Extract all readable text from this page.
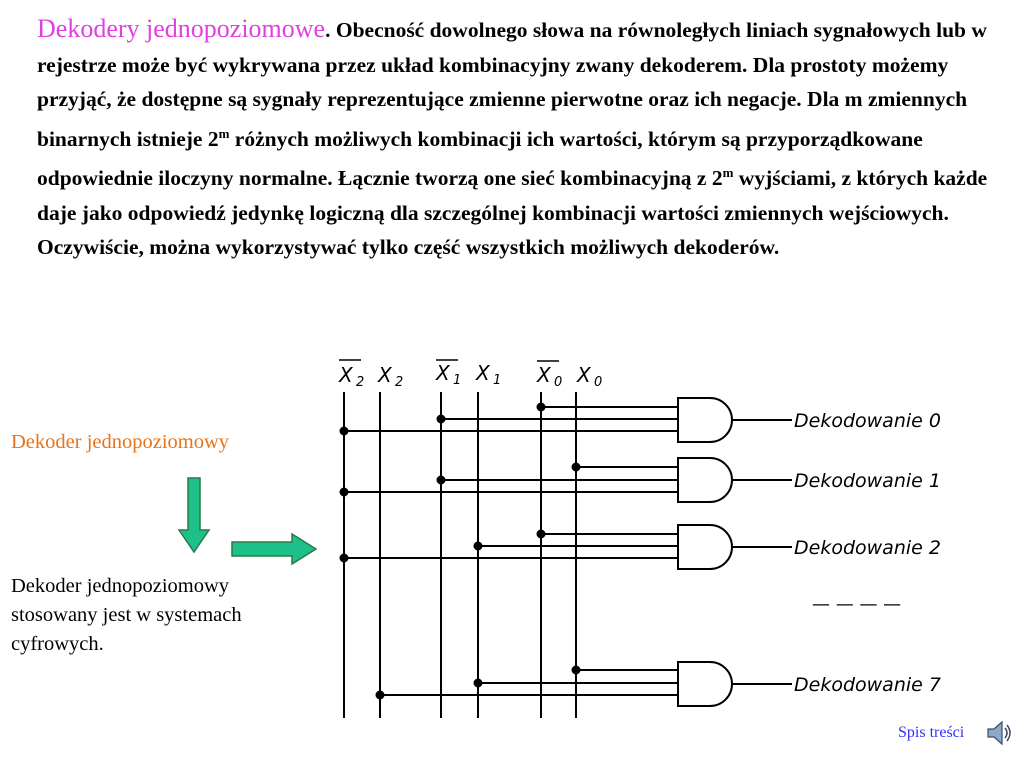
Dekodery jednopoziomowe. Obecność dowolnego słowa na równoległych liniach sygnałowych lub w rejestrze może być wykrywana przez układ kombinacyjny zwany dekoderem. Dla prostoty możemy przyjąć, że dostępne są sygnały reprezentujące zmienne pierwotne oraz ich negacje. Dla m zmiennych binarnych istnieje 2$^m$ różnych możliwych kombinacji ich wartości, którym są przyporządkowane odpowiednie iloczyny normalne. Łącznie tworzą one sieć kombinacyjną z 2$^m$ wyjściami, z których każde daje jako odpowiedź jedynkę logiczną dla szczególnej kombinacji wartości zmiennych wejściowych. Oczywiście, można wykorzystywać tylko część wszystkich możliwych dekoderów.
Dekoder jednopoziomowy
Dekoder jednopoziomowy stosowany jest w systemach cyfrowych.
X 2 X 2 X 1 X 1 X 0 X 0
Dekodowanie 0
Dekodowanie 1
Dekodowanie 2
— — — —
Dekodowanie 7
Spis treści
